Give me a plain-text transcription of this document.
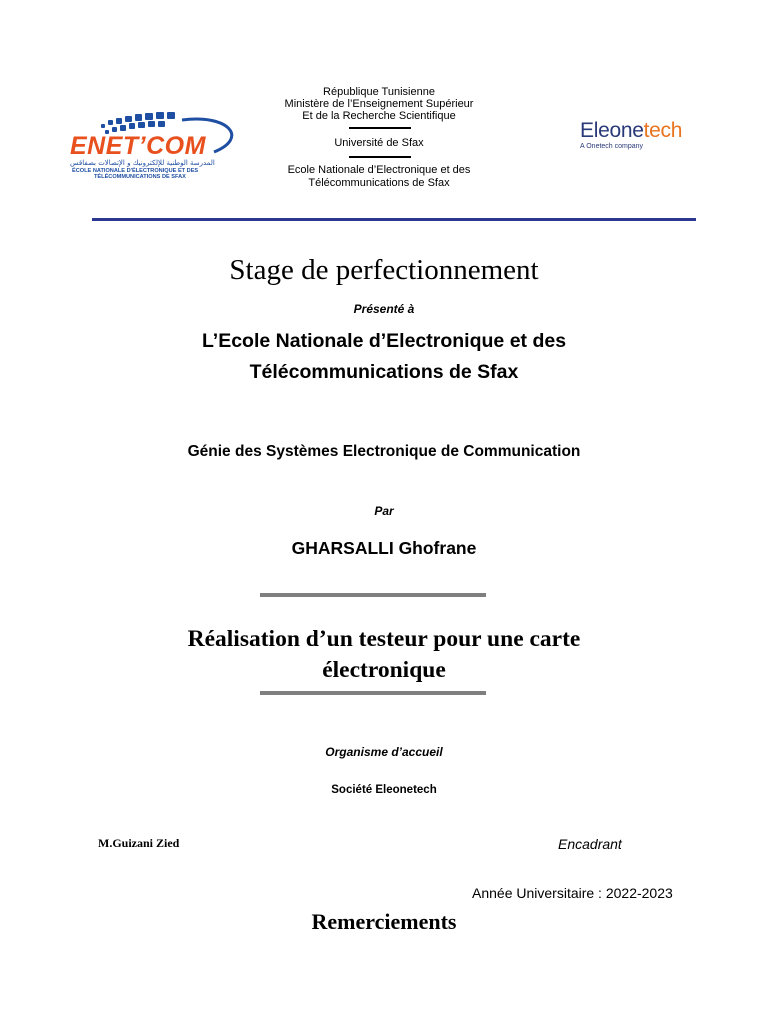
ENET’COM
المدرسة الوطنية للإلكترونيك و الإتصالات بصفاقس
ÉCOLE NATIONALE D'ÉLECTRONIQUE ET DES
TÉLÉCOMMUNICATIONS DE SFAX
République Tunisienne
Ministère de l’Enseignement Supérieur
Et de la Recherche Scientifique
Université de Sfax
Ecole Nationale d’Electronique et des
Télécommunications de Sfax
Eleonetech
A Onetech company
Stage de perfectionnement
Présenté à
L’Ecole Nationale d’Electronique et des
Télécommunications de Sfax
Génie des Systèmes Electronique de Communication
Par
GHARSALLI Ghofrane
Réalisation d’un testeur pour une carte
électronique
Organisme d’accueil
Société Eleonetech
M.Guizani Zied	Encadrant
Année Universitaire : 2022-2023
Remerciements
